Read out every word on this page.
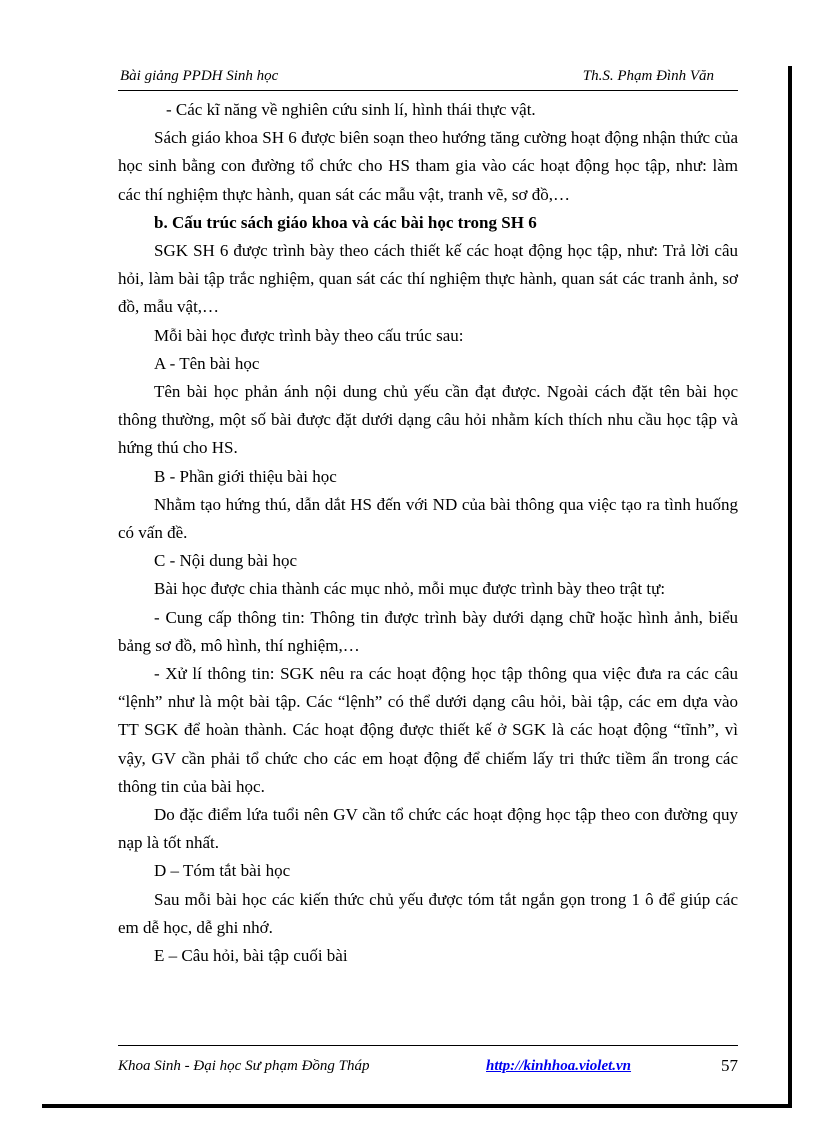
Bài giảng PPDH Sinh học	Th.S. Phạm Đình Văn

- Các kĩ năng về nghiên cứu sinh lí, hình thái thực vật.

Sách giáo khoa SH 6 được biên soạn theo hướng tăng cường hoạt động nhận thức của học sinh bằng con đường tổ chức cho HS tham gia vào các hoạt động học tập, như: làm các thí nghiệm thực hành, quan sát các mẫu vật, tranh vẽ, sơ đồ,…

b. Cấu trúc sách giáo khoa và các bài học trong SH 6

SGK SH 6 được trình bày theo cách thiết kế các hoạt động học tập, như: Trả lời câu hỏi, làm bài tập trắc nghiệm, quan sát các thí nghiệm thực hành, quan sát các tranh ảnh, sơ đồ, mẫu vật,…

Mỗi bài học được trình bày theo cấu trúc sau:

A - Tên bài học

Tên bài học phản ánh nội dung chủ yếu cần đạt được. Ngoài cách đặt tên bài học thông thường, một số bài được đặt dưới dạng câu hỏi nhằm kích thích nhu cầu học tập và hứng thú cho HS.

B - Phần giới thiệu bài học

Nhằm tạo hứng thú, dẫn dắt HS đến với ND của bài thông qua việc tạo ra tình huống có vấn đề.

C - Nội dung bài học

Bài học được chia thành các mục nhỏ, mỗi mục được trình bày theo trật tự:

- Cung cấp thông tin: Thông tin được trình bày dưới dạng chữ hoặc hình ảnh, biểu bảng sơ đồ, mô hình, thí nghiệm,…

- Xử lí thông tin: SGK nêu ra các hoạt động học tập thông qua việc đưa ra các câu “lệnh” như là một bài tập. Các “lệnh” có thể dưới dạng câu hỏi, bài tập, các em dựa vào TT SGK để hoàn thành. Các hoạt động được thiết kế ở SGK là các hoạt động “tĩnh”, vì vậy, GV cần phải tổ chức cho các em hoạt động để chiếm lấy tri thức tiềm ẩn trong các thông tin của bài học.

Do đặc điểm lứa tuổi nên GV cần tổ chức các hoạt động học tập theo con đường quy nạp là tốt nhất.

D – Tóm tắt bài học

Sau mỗi bài học các kiến thức chủ yếu được tóm tắt ngắn gọn trong 1 ô để giúp các em dễ học, dễ ghi nhớ.

E – Câu hỏi, bài tập cuối bài

Khoa Sinh - Đại học Sư phạm Đồng Tháp	http://kinhhoa.violet.vn	57
